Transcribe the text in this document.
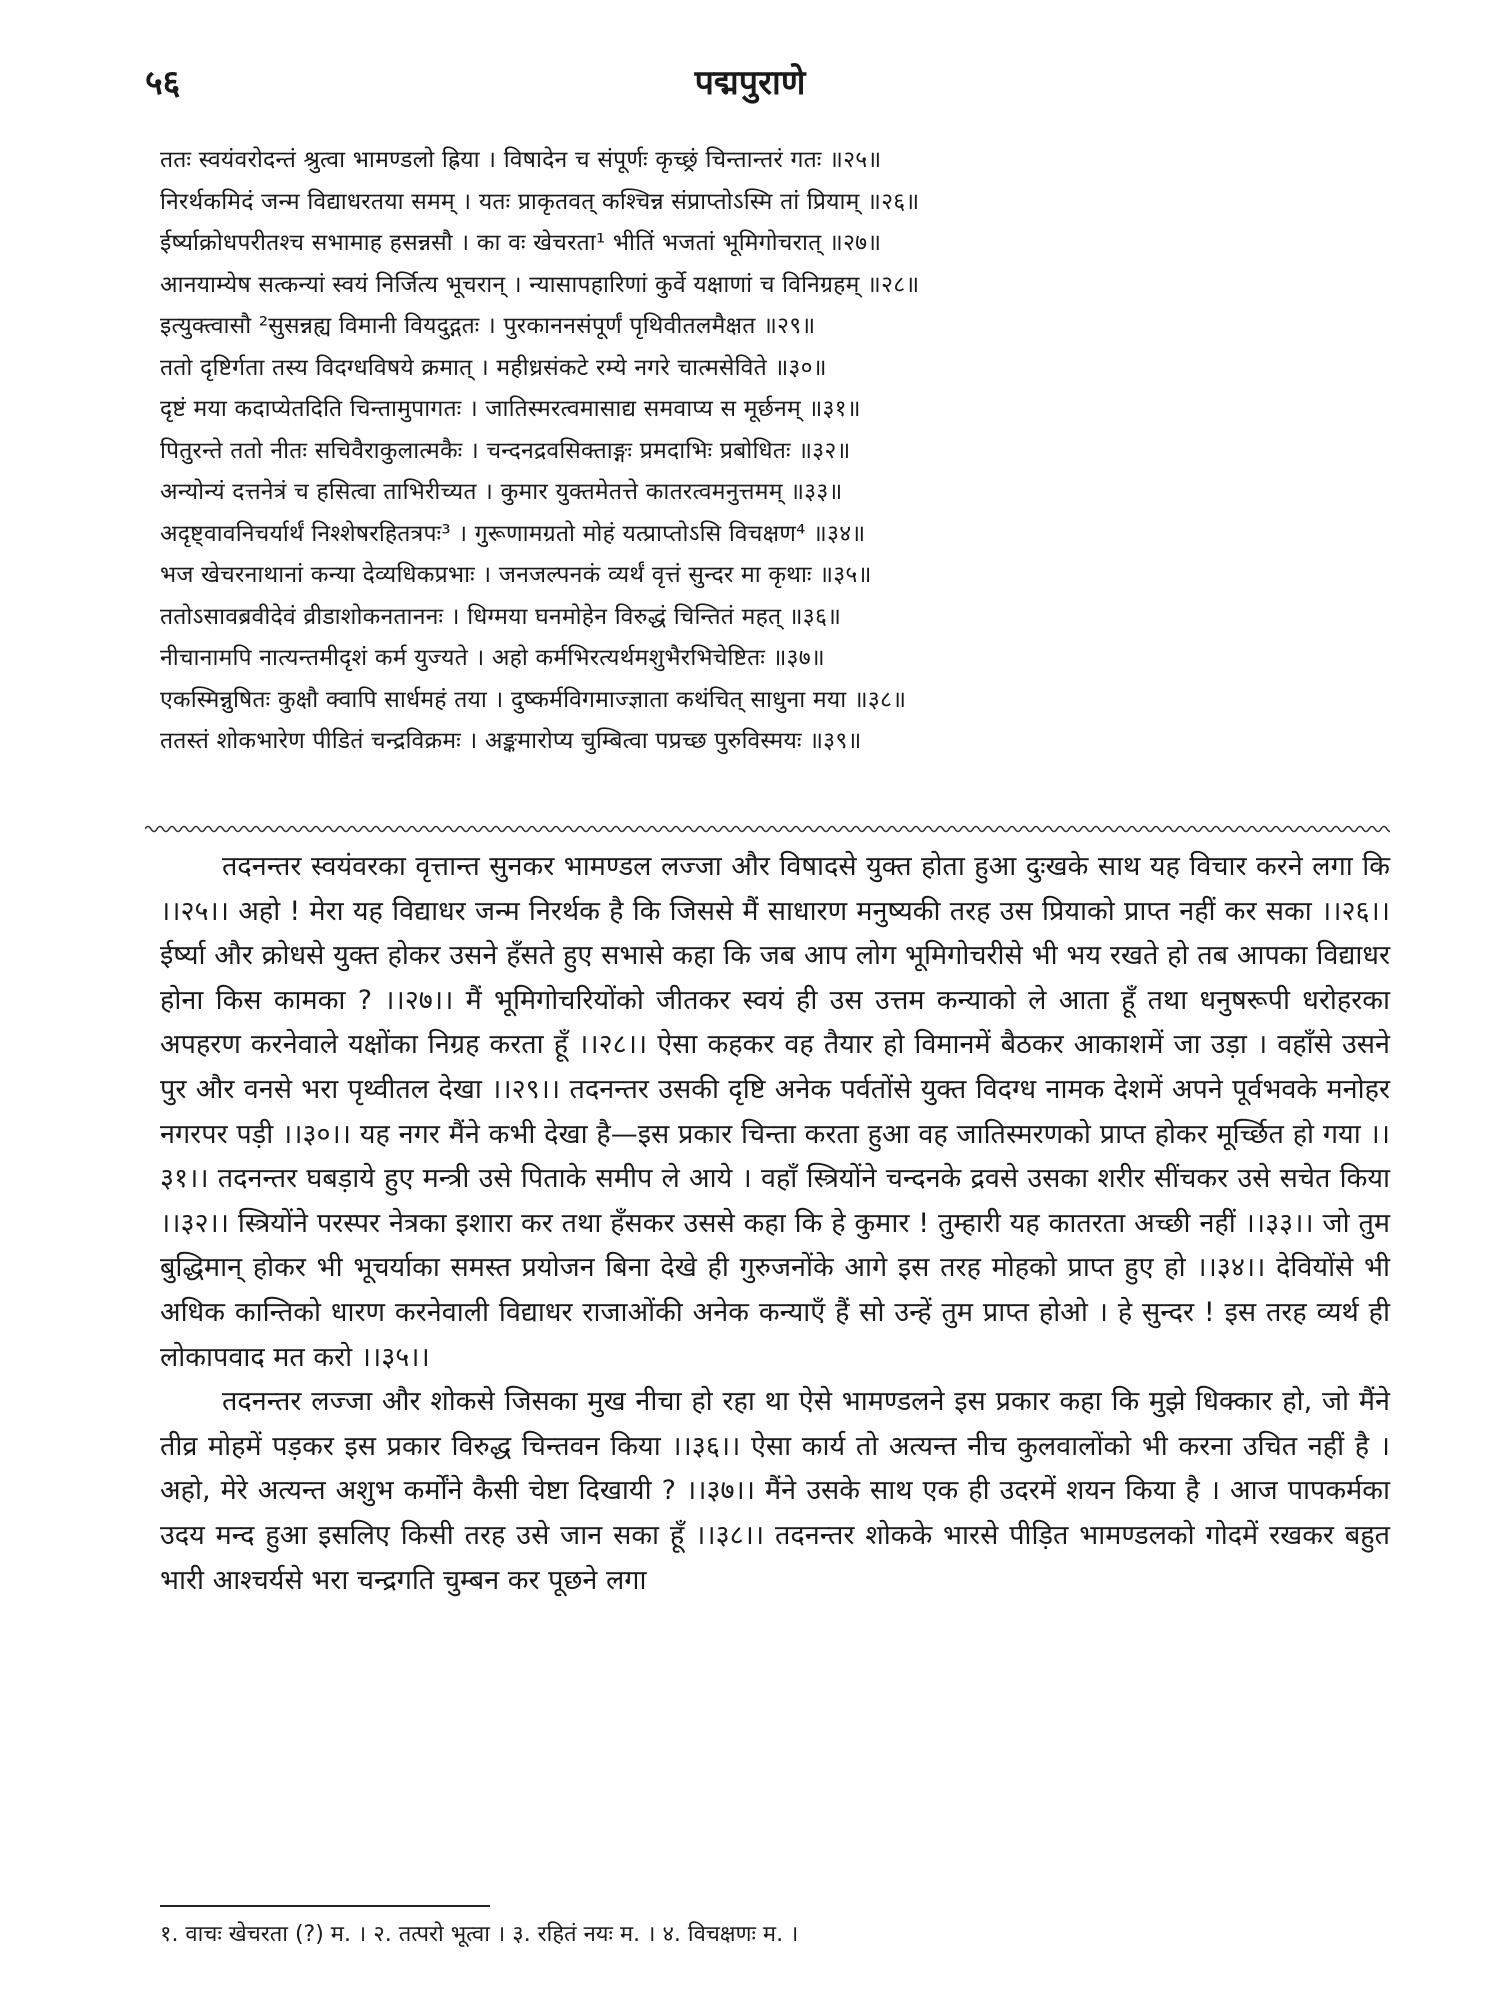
५६	पद्मपुराणे
ततः स्वयंवरोदन्तं श्रुत्वा भामण्डलो ह्रिया । विषादेन च संपूर्णः कृच्छ्रं चिन्तान्तरं गतः ॥२५॥
निरर्थकमिदं जन्म विद्याधरतया समम् । यतः प्राकृतवत् कश्चिन्न संप्राप्तोऽस्मि तां प्रियाम् ॥२६॥
ईर्ष्याक्रोधपरीतश्च सभामाह हसन्नसौ । का वः खेचरता¹ भीतिं भजतां भूमिगोचरात् ॥२७॥
आनयाम्येष सत्कन्यां स्वयं निर्जित्य भूचरान् । न्यासापहारिणां कुर्वे यक्षाणां च विनिग्रहम् ॥२८॥
इत्युक्त्वासौ ²सुसन्नह्य विमानी वियदुद्गतः । पुरकाननसंपूर्णं पृथिवीतलमैक्षत ॥२९॥
ततो दृष्टिर्गता तस्य विदग्धविषये क्रमात् । महीध्रसंकटे रम्ये नगरे चात्मसेविते ॥३०॥
दृष्टं मया कदाप्येतदिति चिन्तामुपागतः । जातिस्मरत्वमासाद्य समवाप्य स मूर्छनम् ॥३१॥
पितुरन्ते ततो नीतः सचिवैराकुलात्मकैः । चन्दनद्रवसिक्ताङ्गः प्रमदाभिः प्रबोधितः ॥३२॥
अन्योन्यं दत्तनेत्रं च हसित्वा ताभिरीच्यत । कुमार युक्तमेतत्ते कातरत्वमनुत्तमम् ॥३३॥
अदृष्ट्वावनिचर्यार्थं निश्शेषरहितत्रपः³ । गुरूणामग्रतो मोहं यत्प्राप्तोऽसि विचक्षण⁴ ॥३४॥
भज खेचरनाथानां कन्या देव्यधिकप्रभाः । जनजल्पनकं व्यर्थं वृत्तं सुन्दर मा कृथाः ॥३५॥
ततोऽसावब्रवीदेवं व्रीडाशोकनताननः । धिग्मया घनमोहेन विरुद्धं चिन्तितं महत् ॥३६॥
नीचानामपि नात्यन्तमीदृशं कर्म युज्यते । अहो कर्मभिरत्यर्थमशुभैरभिचेष्टितः ॥३७॥
एकस्मिन्नुषितः कुक्षौ क्वापि सार्धमहं तया । दुष्कर्मविगमाज्ज्ञाता कथंचित् साधुना मया ॥३८॥
ततस्तं शोकभारेण पीडितं चन्द्रविक्रमः । अङ्कमारोप्य चुम्बित्वा पप्रच्छ पुरुविस्मयः ॥३९॥

तदनन्तर स्वयंवरका वृत्तान्त सुनकर भामण्डल लज्जा और विषादसे युक्त होता हुआ दुःखके साथ यह विचार करने लगा कि ।।२५।। अहो ! मेरा यह विद्याधर जन्म निरर्थक है कि जिससे मैं साधारण मनुष्यकी तरह उस प्रियाको प्राप्त नहीं कर सका ।।२६।। ईर्ष्या और क्रोधसे युक्त होकर उसने हँसते हुए सभासे कहा कि जब आप लोग भूमिगोचरीसे भी भय रखते हो तब आपका विद्याधर होना किस कामका ? ।।२७।। मैं भूमिगोचरियोंको जीतकर स्वयं ही उस उत्तम कन्याको ले आता हूँ तथा धनुषरूपी धरोहरका अपहरण करनेवाले यक्षोंका निग्रह करता हूँ ।।२८।। ऐसा कहकर वह तैयार हो विमानमें बैठकर आकाशमें जा उड़ा । वहाँसे उसने पुर और वनसे भरा पृथ्वीतल देखा ।।२९।। तदनन्तर उसकी दृष्टि अनेक पर्वतोंसे युक्त विदग्ध नामक देशमें अपने पूर्वभवके मनोहर नगरपर पड़ी ।।३०।। यह नगर मैंने कभी देखा है—इस प्रकार चिन्ता करता हुआ वह जातिस्मरणको प्राप्त होकर मूर्च्छित हो गया ।।३१।। तदनन्तर घबड़ाये हुए मन्त्री उसे पिताके समीप ले आये । वहाँ स्त्रियोंने चन्दनके द्रवसे उसका शरीर सींचकर उसे सचेत किया ।।३२।। स्त्रियोंने परस्पर नेत्रका इशारा कर तथा हँसकर उससे कहा कि हे कुमार ! तुम्हारी यह कातरता अच्छी नहीं ।।३३।। जो तुम बुद्धिमान् होकर भी भूचर्याका समस्त प्रयोजन बिना देखे ही गुरुजनोंके आगे इस तरह मोहको प्राप्त हुए हो ।।३४।। देवियोंसे भी अधिक कान्तिको धारण करनेवाली विद्याधर राजाओंकी अनेक कन्याएँ हैं सो उन्हें तुम प्राप्त होओ । हे सुन्दर ! इस तरह व्यर्थ ही लोकापवाद मत करो ।।३५।।

तदनन्तर लज्जा और शोकसे जिसका मुख नीचा हो रहा था ऐसे भामण्डलने इस प्रकार कहा कि मुझे धिक्कार हो, जो मैंने तीव्र मोहमें पड़कर इस प्रकार विरुद्ध चिन्तवन किया ।।३६।। ऐसा कार्य तो अत्यन्त नीच कुलवालोंको भी करना उचित नहीं है । अहो, मेरे अत्यन्त अशुभ कर्मोंने कैसी चेष्टा दिखायी ? ।।३७।। मैंने उसके साथ एक ही उदरमें शयन किया है । आज पापकर्मका उदय मन्द हुआ इसलिए किसी तरह उसे जान सका हूँ ।।३८।। तदनन्तर शोकके भारसे पीड़ित भामण्डलको गोदमें रखकर बहुत भारी आश्चर्यसे भरा चन्द्रगति चुम्बन कर पूछने लगा

१. वाचः खेचरता (?) म. । २. तत्परो भूत्वा । ३. रहितं नयः म. । ४. विचक्षणः म. ।
